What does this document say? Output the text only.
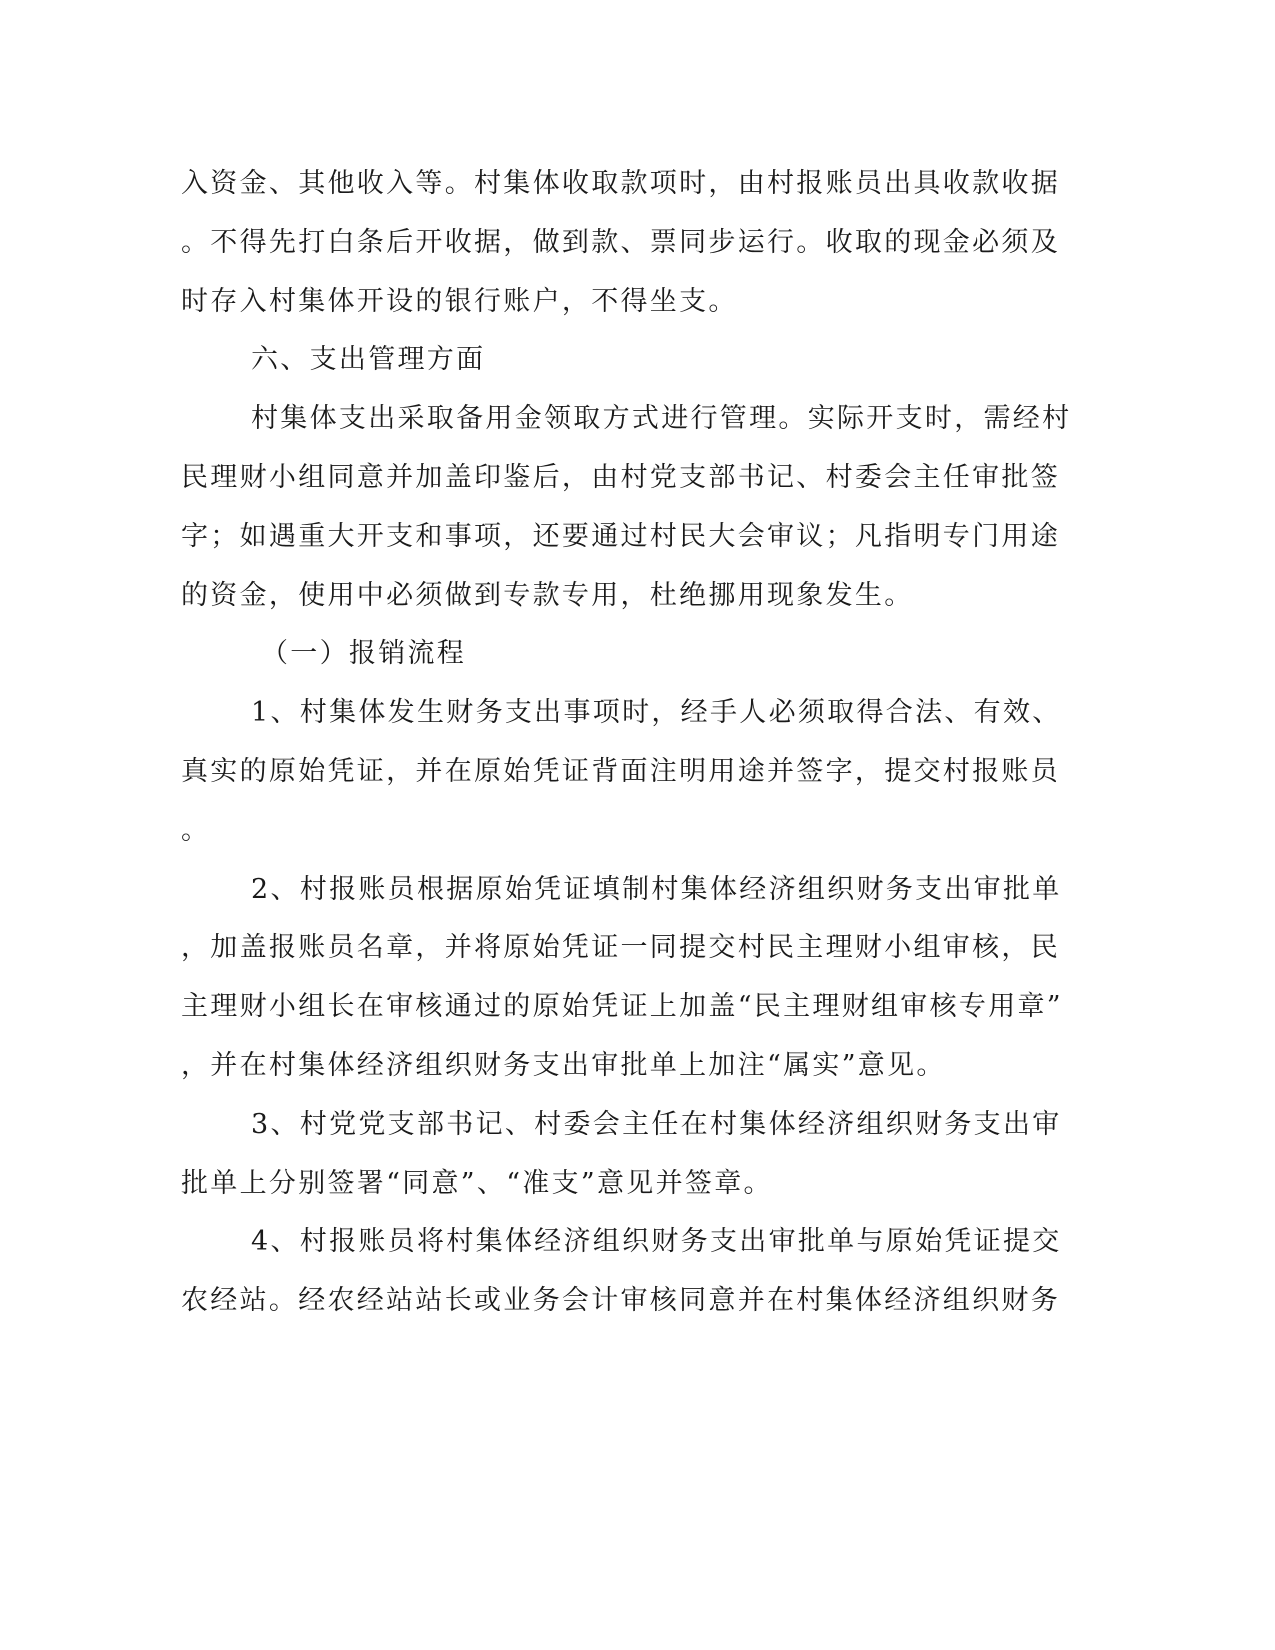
入资金、其他收入等。村集体收取款项时，由村报账员出具收款收据

。不得先打白条后开收据，做到款、票同步运行。收取的现金必须及

时存入村集体开设的银行账户，不得坐支。

六、支出管理方面

村集体支出采取备用金领取方式进行管理。实际开支时，需经村

民理财小组同意并加盖印鉴后，由村党支部书记、村委会主任审批签

字；如遇重大开支和事项，还要通过村民大会审议；凡指明专门用途

的资金，使用中必须做到专款专用，杜绝挪用现象发生。

（一）报销流程

1、村集体发生财务支出事项时，经手人必须取得合法、有效、

真实的原始凭证，并在原始凭证背面注明用途并签字，提交村报账员

。

2、村报账员根据原始凭证填制村集体经济组织财务支出审批单

，加盖报账员名章，并将原始凭证一同提交村民主理财小组审核，民

主理财小组长在审核通过的原始凭证上加盖“民主理财组审核专用章”

，并在村集体经济组织财务支出审批单上加注“属实”意见。

3、村党党支部书记、村委会主任在村集体经济组织财务支出审

批单上分别签署“同意”、“准支”意见并签章。

4、村报账员将村集体经济组织财务支出审批单与原始凭证提交

农经站。经农经站站长或业务会计审核同意并在村集体经济组织财务
